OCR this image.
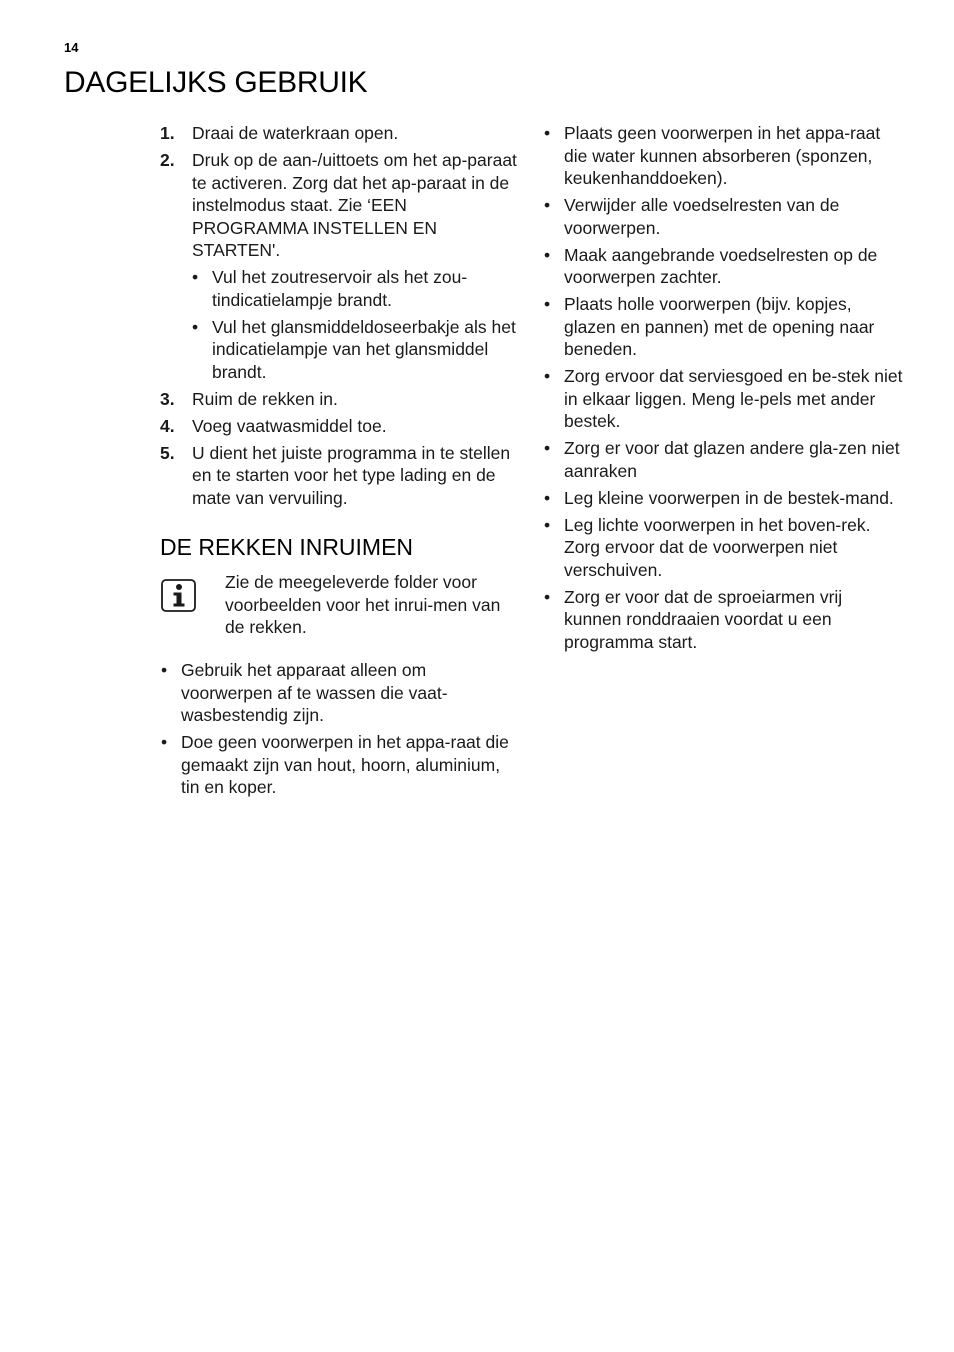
14
DAGELIJKS GEBRUIK
1. Draai de waterkraan open.
2. Druk op de aan-/uittoets om het ap-paraat te activeren. Zorg dat het ap-paraat in de instelmodus staat. Zie ‘EEN PROGRAMMA INSTELLEN EN STARTEN'.
• Vul het zoutreservoir als het zou-tindicatielampje brandt.
• Vul het glansmiddeldoseerbakje als het indicatielampje van het glansmiddel brandt.
3. Ruim de rekken in.
4. Voeg vaatwasmiddel toe.
5. U dient het juiste programma in te stellen en te starten voor het type lading en de mate van vervuiling.
DE REKKEN INRUIMEN
Zie de meegeleverde folder voor voorbeelden voor het inrui-men van de rekken.
• Gebruik het apparaat alleen om voorwerpen af te wassen die vaat-wasbestendig zijn.
• Doe geen voorwerpen in het appa-raat die gemaakt zijn van hout, hoorn, aluminium, tin en koper.
• Plaats geen voorwerpen in het appa-raat die water kunnen absorberen (sponzen, keukenhanddoeken).
• Verwijder alle voedselresten van de voorwerpen.
• Maak aangebrande voedselresten op de voorwerpen zachter.
• Plaats holle voorwerpen (bijv. kopjes, glazen en pannen) met de opening naar beneden.
• Zorg ervoor dat serviesgoed en be-stek niet in elkaar liggen. Meng le-pels met ander bestek.
• Zorg er voor dat glazen andere gla-zen niet aanraken
• Leg kleine voorwerpen in de bestek-mand.
• Leg lichte voorwerpen in het boven-rek. Zorg ervoor dat de voorwerpen niet verschuiven.
• Zorg er voor dat de sproeiarmen vrij kunnen ronddraaien voordat u een programma start.
